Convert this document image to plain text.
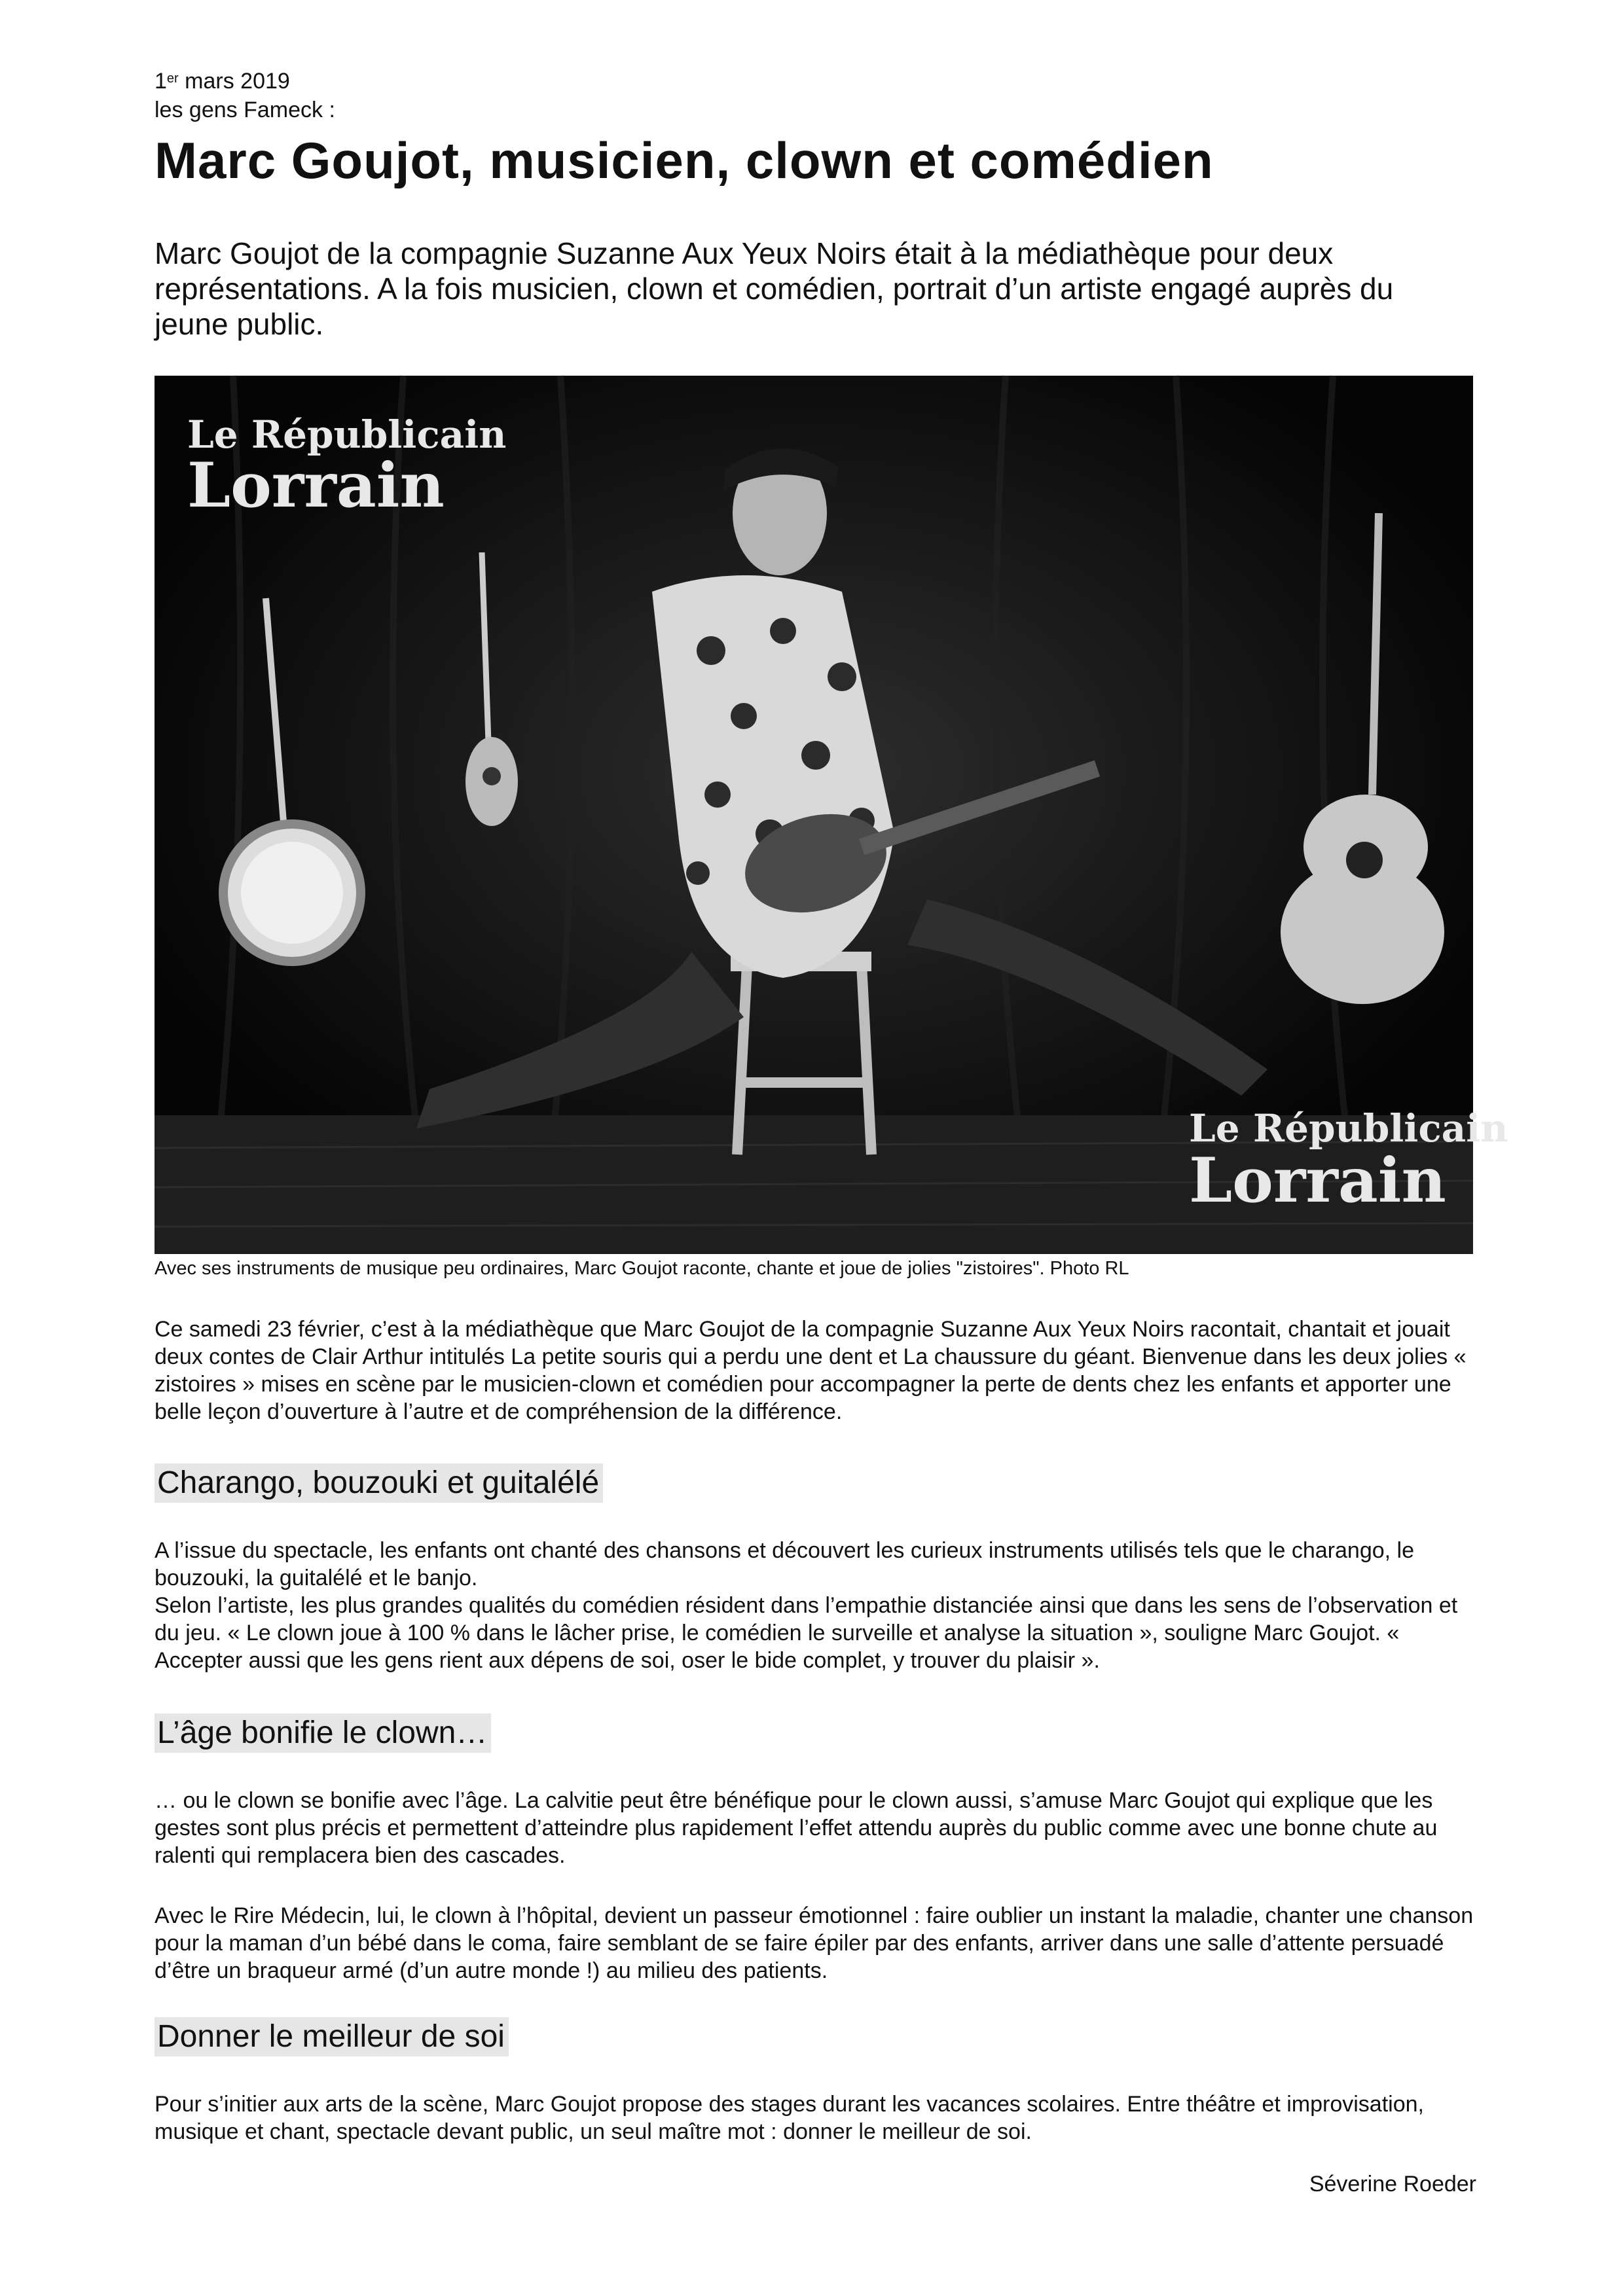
1er mars 2019
les gens Fameck :
Marc Goujot, musicien, clown et comédien
Marc Goujot de la compagnie Suzanne Aux Yeux Noirs était à la médiathèque pour deux représentations. A la fois musicien, clown et comédien, portrait d’un artiste engagé auprès du jeune public.
Le Républicain
Lorrain
Le Républicain
Lorrain
Avec ses instruments de musique peu ordinaires, Marc Goujot raconte, chante et joue de jolies "zistoires". Photo RL
Ce samedi 23 février, c’est à la médiathèque que Marc Goujot de la compagnie Suzanne Aux Yeux Noirs racontait, chantait et jouait deux contes de Clair Arthur intitulés La petite souris qui a perdu une dent et La chaussure du géant. Bienvenue dans les deux jolies « zistoires » mises en scène par le musicien-clown et comédien pour accompagner la perte de dents chez les enfants et apporter une belle leçon d’ouverture à l’autre et de compréhension de la différence.
Charango, bouzouki et guitalélé
A l’issue du spectacle, les enfants ont chanté des chansons et découvert les curieux instruments utilisés tels que le charango, le bouzouki, la guitalélé et le banjo.
Selon l’artiste, les plus grandes qualités du comédien résident dans l’empathie distanciée ainsi que dans les sens de l’observation et du jeu. « Le clown joue à 100 % dans le lâcher prise, le comédien le surveille et analyse la situation », souligne Marc Goujot. « Accepter aussi que les gens rient aux dépens de soi, oser le bide complet, y trouver du plaisir ».
L’âge bonifie le clown…
… ou le clown se bonifie avec l’âge. La calvitie peut être bénéfique pour le clown aussi, s’amuse Marc Goujot qui explique que les gestes sont plus précis et permettent d’atteindre plus rapidement l’effet attendu auprès du public comme avec une bonne chute au ralenti qui remplacera bien des cascades.
Avec le Rire Médecin, lui, le clown à l’hôpital, devient un passeur émotionnel : faire oublier un instant la maladie, chanter une chanson pour la maman d’un bébé dans le coma, faire semblant de se faire épiler par des enfants, arriver dans une salle d’attente persuadé d’être un braqueur armé (d’un autre monde !) au milieu des patients.
Donner le meilleur de soi
Pour s’initier aux arts de la scène, Marc Goujot propose des stages durant les vacances scolaires. Entre théâtre et improvisation, musique et chant, spectacle devant public, un seul maître mot : donner le meilleur de soi.
Séverine Roeder
